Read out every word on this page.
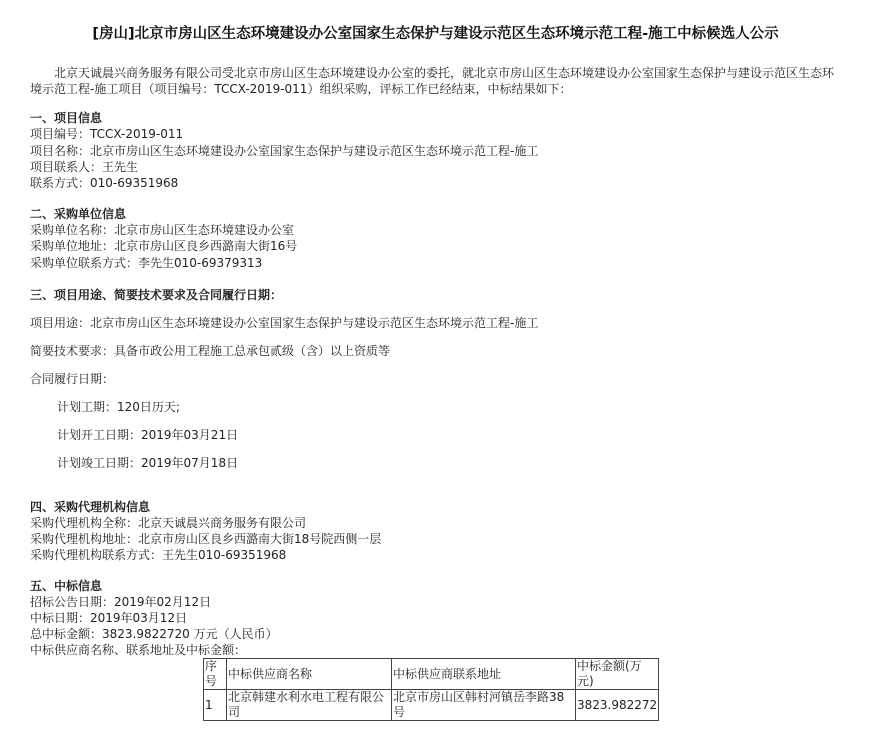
[房山]北京市房山区生态环境建设办公室国家生态保护与建设示范区生态环境示范工程-施工中标候选人公示
北京天诚晨兴商务服务有限公司受北京市房山区生态环境建设办公室的委托，就北京市房山区生态环境建设办公室国家生态保护与建设示范区生态环境示范工程-施工项目（项目编号：TCCX-2019-011）组织采购，评标工作已经结束，中标结果如下：
一、项目信息
项目编号：TCCX-2019-011
项目名称：北京市房山区生态环境建设办公室国家生态保护与建设示范区生态环境示范工程-施工
项目联系人：王先生
联系方式：010-69351968
二、采购单位信息
采购单位名称：北京市房山区生态环境建设办公室
采购单位地址：北京市房山区良乡西潞南大街16号
采购单位联系方式：李先生010-69379313
三、项目用途、简要技术要求及合同履行日期：
项目用途：北京市房山区生态环境建设办公室国家生态保护与建设示范区生态环境示范工程-施工
简要技术要求：具备市政公用工程施工总承包贰级（含）以上资质等
合同履行日期：
计划工期：120日历天;
计划开工日期：2019年03月21日
计划竣工日期：2019年07月18日
四、采购代理机构信息
采购代理机构全称：北京天诚晨兴商务服务有限公司
采购代理机构地址：北京市房山区良乡西潞南大街18号院西侧一层
采购代理机构联系方式：王先生010-69351968
五、中标信息
招标公告日期：2019年02月12日
中标日期：2019年03月12日
总中标金额：3823.9822720 万元（人民币）
中标供应商名称、联系地址及中标金额：
序号	中标供应商名称	中标供应商联系地址	中标金额(万元)
1	北京韩建水利水电工程有限公司	北京市房山区韩村河镇岳李路38号	3823.982272
